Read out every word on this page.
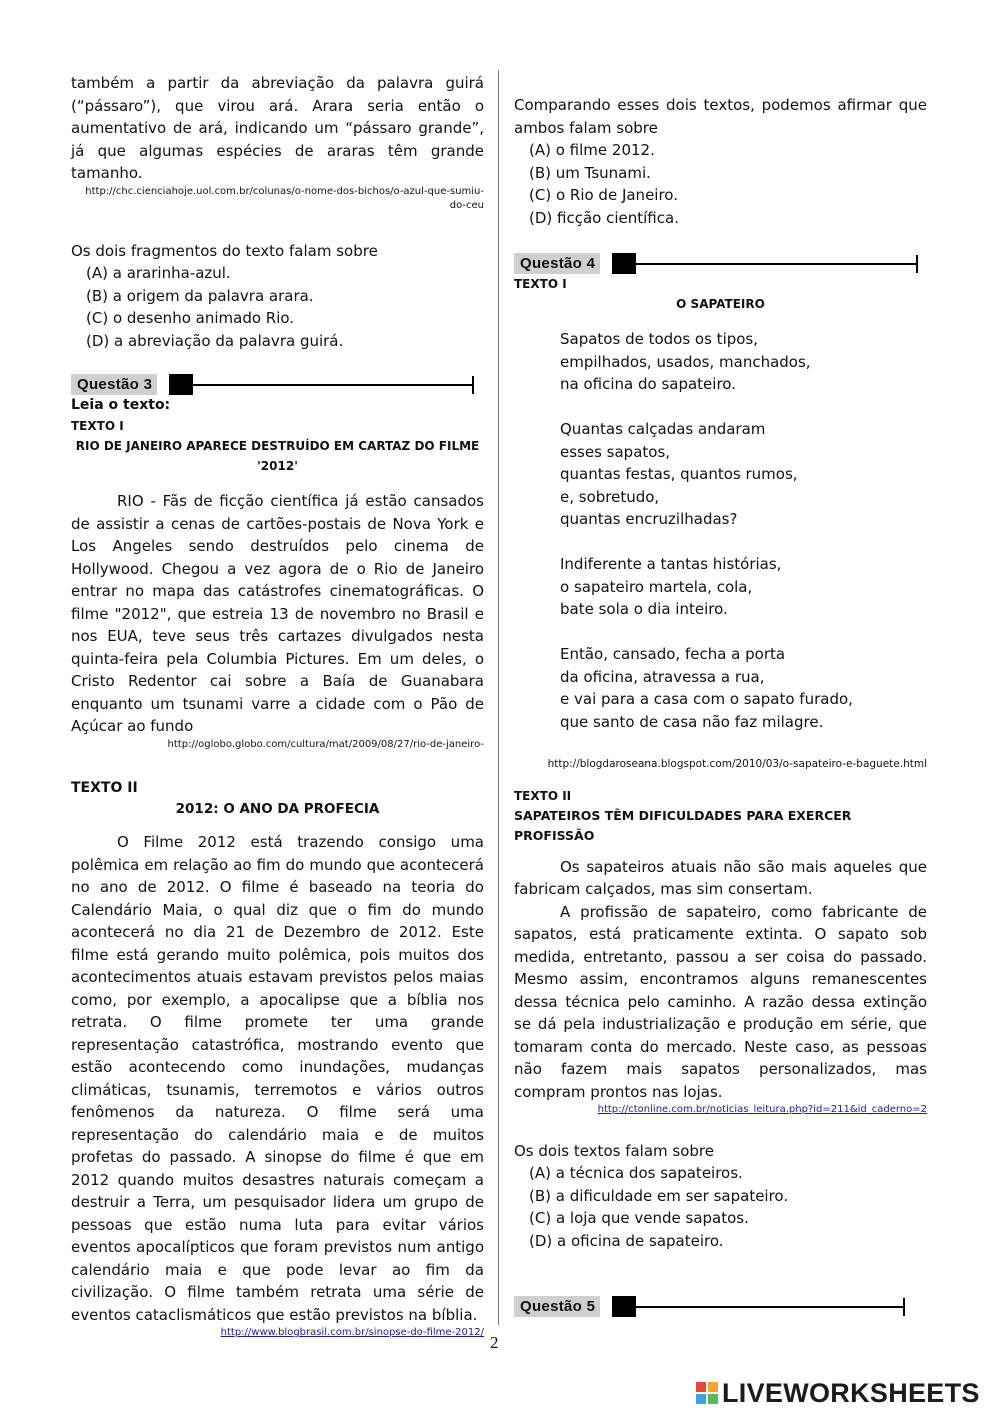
também a partir da abreviação da palavra guirá (“pássaro”), que virou ará. Arara seria então o aumentativo de ará, indicando um “pássaro grande”, já que algumas espécies de araras têm grande tamanho.

http://chc.cienciahoje.uol.com.br/colunas/o-nome-dos-bichos/o-azul-que-sumiu-do-ceu

Os dois fragmentos do texto falam sobre

(A) a ararinha-azul.

(B) a origem da palavra arara.

(C) o desenho animado Rio.

(D) a abreviação da palavra guirá.

Questão 3

Leia o texto:

TEXTO I

RIO DE JANEIRO APARECE DESTRUÍDO EM CARTAZ DO FILME '2012'

RIO - Fãs de ficção científica já estão cansados de assistir a cenas de cartões-postais de Nova York e Los Angeles sendo destruídos pelo cinema de Hollywood. Chegou a vez agora de o Rio de Janeiro entrar no mapa das catástrofes cinematográficas. O filme "2012", que estreia 13 de novembro no Brasil e nos EUA, teve seus três cartazes divulgados nesta quinta-feira pela Columbia Pictures. Em um deles, o Cristo Redentor cai sobre a Baía de Guanabara enquanto um tsunami varre a cidade com o Pão de Açúcar ao fundo

http://oglobo.globo.com/cultura/mat/2009/08/27/rio-de-janeiro-

TEXTO II

2012: O ANO DA PROFECIA

O Filme 2012 está trazendo consigo uma polêmica em relação ao fim do mundo que acontecerá no ano de 2012. O filme é baseado na teoria do Calendário Maia, o qual diz que o fim do mundo acontecerá no dia 21 de Dezembro de 2012. Este filme está gerando muito polêmica, pois muitos dos acontecimentos atuais estavam previstos pelos maias como, por exemplo, a apocalipse que a bíblia nos retrata. O filme promete ter uma grande representação catastrófica, mostrando evento que estão acontecendo como inundações, mudanças climáticas, tsunamis, terremotos e vários outros fenômenos da natureza. O filme será uma representação do calendário maia e de muitos profetas do passado. A sinopse do filme é que em 2012 quando muitos desastres naturais começam a destruir a Terra, um pesquisador lidera um grupo de pessoas que estão numa luta para evitar vários eventos apocalípticos que foram previstos num antigo calendário maia e que pode levar ao fim da civilização. O filme também retrata uma série de eventos cataclismáticos que estão previstos na bíblia.

http://www.blogbrasil.com.br/sinopse-do-filme-2012/

Comparando esses dois textos, podemos afirmar que ambos falam sobre

(A) o filme 2012.

(B) um Tsunami.

(C) o Rio de Janeiro.

(D) ficção científica.

Questão 4

TEXTO I

O SAPATEIRO

Sapatos de todos os tipos,
empilhados, usados, manchados,
na oficina do sapateiro.
Quantas calçadas andaram
esses sapatos,
quantas festas, quantos rumos,
e, sobretudo,
quantas encruzilhadas?
Indiferente a tantas histórias,
o sapateiro martela, cola,
bate sola o dia inteiro.
Então, cansado, fecha a porta
da oficina, atravessa a rua,
e vai para a casa com o sapato furado,
que santo de casa não faz milagre.

http://blogdaroseana.blogspot.com/2010/03/o-sapateiro-e-baguete.html

TEXTO II

SAPATEIROS TÊM DIFICULDADES PARA EXERCER PROFISSÃO

Os sapateiros atuais não são mais aqueles que fabricam calçados, mas sim consertam.

A profissão de sapateiro, como fabricante de sapatos, está praticamente extinta. O sapato sob medida, entretanto, passou a ser coisa do passado. Mesmo assim, encontramos alguns remanescentes dessa técnica pelo caminho. A razão dessa extinção se dá pela industrialização e produção em série, que tomaram conta do mercado. Neste caso, as pessoas não fazem mais sapatos personalizados, mas compram prontos nas lojas.

http://ctonline.com.br/noticias_leitura.php?id=211&id_caderno=2

Os dois textos falam sobre

(A) a técnica dos sapateiros.

(B) a dificuldade em ser sapateiro.

(C) a loja que vende sapatos.

(D) a oficina de sapateiro.

Questão 5
2
LIVEWORKSHEETS
